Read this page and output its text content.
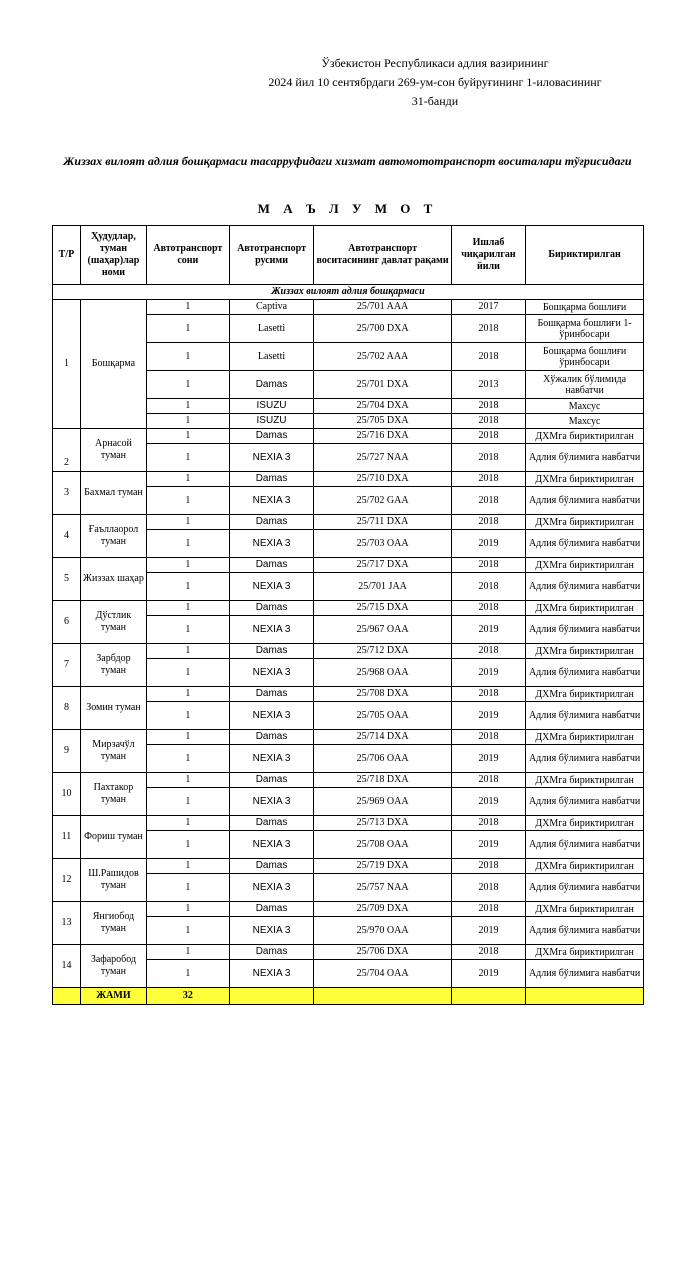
Ўзбекистон Республикаси адлия вазирининг
2024 йил 10 сентябрдаги 269-ум-сон буйруғининг 1-иловасининг
31-банди
Жиззах вилоят адлия бошқармаси тасарруфидаги хизмат автомототранспорт воситалари тўғрисидаги
М А Ъ Л У М О Т
Т/Р	Ҳудудлар, туман (шаҳар)лар номи	Автотранспорт сони	Автотранспорт русими	Автотранспорт воситасининг давлат рақами	Ишлаб чиқарилган йили	Бириктирилган
Жиззах вилоят адлия бошқармаси						
1	Бошқарма	1	Captiva	25/701 AAA	2017	Бошқарма бошлиғи
		1	Lasetti	25/700 DXA	2018	Бошқарма бошлиғи 1-ўринбосари
		1	Lasetti	25/702 AAA	2018	Бошқарма бошлиғи ўринбосари
		1	Damas	25/701 DXA	2013	Хўжалик бўлимида навбатчи
		1	ISUZU	25/704 DXA	2018	Махсус
		1	ISUZU	25/705 DXA	2018	Махсус
2	Арнасой туман	1	Damas	25/716 DXA	2018	ДХМга бириктирилган
		1	NEXIA 3	25/727 NAA	2018	Адлия бўлимига навбатчи
3	Бахмал туман	1	Damas	25/710 DXA	2018	ДХМга бириктирилган
		1	NEXIA 3	25/702 GAA	2018	Адлия бўлимига навбатчи
4	Ғаъллаорол туман	1	Damas	25/711 DXA	2018	ДХМга бириктирилган
		1	NEXIA 3	25/703 OAA	2019	Адлия бўлимига навбатчи
5	Жиззах шаҳар	1	Damas	25/717 DXA	2018	ДХМга бириктирилган
		1	NEXIA 3	25/701 JAA	2018	Адлия бўлимига навбатчи
6	Дўстлик туман	1	Damas	25/715 DXA	2018	ДХМга бириктирилган
		1	NEXIA 3	25/967 OAA	2019	Адлия бўлимига навбатчи
7	Зарбдор туман	1	Damas	25/712 DXA	2018	ДХМга бириктирилган
		1	NEXIA 3	25/968 OAA	2019	Адлия бўлимига навбатчи
8	Зомин туман	1	Damas	25/708 DXA	2018	ДХМга бириктирилган
		1	NEXIA 3	25/705 OAA	2019	Адлия бўлимига навбатчи
9	Мирзачўл туман	1	Damas	25/714 DXA	2018	ДХМга бириктирилган
		1	NEXIA 3	25/706 OAA	2019	Адлия бўлимига навбатчи
10	Пахтакор туман	1	Damas	25/718 DXA	2018	ДХМга бириктирилган
		1	NEXIA 3	25/969 OAA	2019	Адлия бўлимига навбатчи
11	Фориш туман	1	Damas	25/713 DXA	2018	ДХМга бириктирилган
		1	NEXIA 3	25/708 OAA	2019	Адлия бўлимига навбатчи
12	Ш.Рашидов туман	1	Damas	25/719 DXA	2018	ДХМга бириктирилган
		1	NEXIA 3	25/757 NAA	2018	Адлия бўлимига навбатчи
13	Янгиобод туман	1	Damas	25/709 DXA	2018	ДХМга бириктирилган
		1	NEXIA 3	25/970 OAA	2019	Адлия бўлимига навбатчи
14	Зафаробод туман	1	Damas	25/706 DXA	2018	ДХМга бириктирилган
		1	NEXIA 3	25/704 OAA	2019	Адлия бўлимига навбатчи
	ЖАМИ	32				
